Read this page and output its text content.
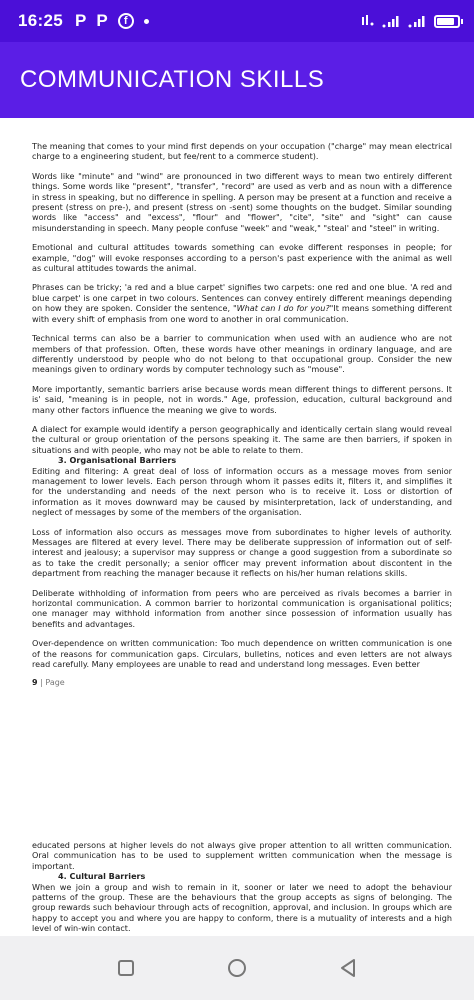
16:25 P P	f
COMMUNICATION SKILLS

The meaning that comes to your mind first depends on your occupation ("charge" may mean electrical charge to a engineering student, but fee/rent to a commerce student).

Words like "minute" and "wind" are pronounced in two different ways to mean two entirely different things. Some words like "present", "transfer", "record" are used as verb and as noun with a difference in stress in speaking, but no difference in spelling. A person may be present at a function and receive a present (stress on pre-), and present (stress on -sent) some thoughts on the budget. Similar sounding words like "access" and "excess", "flour" and "flower", "cite", "site" and "sight" can cause misunderstanding in speech. Many people confuse "week" and "weak," "steal' and "steel" in writing.

Emotional and cultural attitudes towards something can evoke different responses in people; for example, "dog" will evoke responses according to a person's past experience with the animal as well as cultural attitudes towards the animal.

Phrases can be tricky; 'a red and a blue carpet' signifies two carpets: one red and one blue. 'A red and blue carpet' is one carpet in two colours. Sentences can convey entirely different meanings depending on how they are spoken. Consider the sentence, "What can I do for you?"It means something different with every shift of emphasis from one word to another in oral communication.

Technical terms can also be a barrier to communication when used with an audience who are not members of that profession. Often, these words have other meanings in ordinary language, and are differently understood by people who do not belong to that occupational group. Consider the new meanings given to ordinary words by computer technology such as "mouse".

More importantly, semantic barriers arise because words mean different things to different persons. It is' said, "meaning is in people, not in words." Age, profession, education, cultural background and many other factors influence the meaning we give to words.

A dialect for example would identify a person geographically and identically certain slang would reveal the cultural or group orientation of the persons speaking it. The same are then barriers, if spoken in situations and with people, who may not be able to relate to them.

3. Organisational Barriers

Editing and filtering: A great deal of loss of information occurs as a message moves from senior management to lower levels. Each person through whom it passes edits it, filters it, and simplifies it for the understanding and needs of the next person who is to receive it. Loss or distortion of information as it moves downward may be caused by misinterpretation, lack of understanding, and neglect of messages by some of the members of the organisation.

Loss of information also occurs as messages move from subordinates to higher levels of authority. Messages are filtered at every level. There may be deliberate suppression of information out of self-interest and jealousy; a supervisor may suppress or change a good suggestion from a subordinate so as to take the credit personally; a senior officer may prevent information about discontent in the department from reaching the manager because it reflects on his/her human relations skills.

Deliberate withholding of information from peers who are perceived as rivals becomes a barrier in horizontal communication. A common barrier to horizontal communication is organisational politics; one manager may withhold information from another since possession of information usually has benefits and advantages.

Over-dependence on written communication: Too much dependence on written communication is one of the reasons for communication gaps. Circulars, bulletins, notices and even letters are not always read carefully. Many employees are unable to read and understand long messages. Even better

9 | Page

educated persons at higher levels do not always give proper attention to all written communication. Oral communication has to be used to supplement written communication when the message is important.

4. Cultural Barriers

When we join a group and wish to remain in it, sooner or later we need to adopt the behaviour patterns of the group. These are the behaviours that the group accepts as signs of belonging. The group rewards such behaviour through acts of recognition, approval, and inclusion. In groups which are happy to accept you and where you are happy to conform, there is a mutuality of interests and a high level of win-win contact.
